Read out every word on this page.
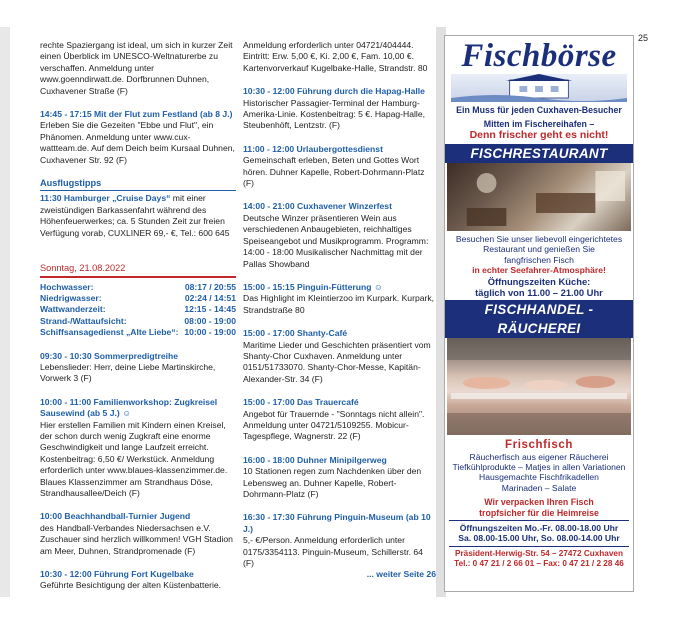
25

rechte Spaziergang ist ideal, um sich in kurzer Zeit einen Überblick im UNESCO-Weltnaturerbe zu verschaffen. Anmeldung unter www.goenndirwatt.de. Dorfbrunnen Duhnen, Cuxhavener Straße (F)

14:45 - 17:15 Mit der Flut zum Festland (ab 8 J.)

Erleben Sie die Gezeiten "Ebbe und Flut", ein Phänomen. Anmeldung unter www.cux-wattteam.de. Auf dem Deich beim Kursaal Duhnen, Cuxhavener Str. 92 (F)

Ausflugstipps

11:30 Hamburger „Cruise Days“ mit einer zweistündigen Barkassenfahrt während des Höhenfeuerwerkes; ca. 5 Stunden Zeit zur freien Verfügung vorab, CUXLINER 69,- €, Tel.: 600 645

Sonntag, 21.08.2022
Hochwasser:	08:17 / 20:55
Niedrigwasser:	02:24 / 14:51
Wattwanderzeit:	12:15 - 14:45
Strand-/Wattaufsicht:	08:00 - 19:00
Schiffsansagedienst „Alte Liebe“: 10:00 - 19:00

09:30 - 10:30 Sommerpredigtreihe

Lebenslieder: Herr, deine Liebe Martinskirche, Vorwerk 3 (F)

10:00 - 11:00 Familienworkshop: Zugkreisel Sausewind (ab 5 J.) ☺

Hier erstellen Familien mit Kindern einen Kreisel, der schon durch wenig Zugkraft eine enorme Geschwindigkeit und lange Laufzeit erreicht. Kostenbeitrag: 6,50 €/ Werkstück. Anmeldung erforderlich unter www.blaues-klassenzimmer.de. Blaues Klassenzimmer am Strandhaus Döse, Strandhausallee/Deich (F)

10:00 Beachhandball-Turnier Jugend

des Handball-Verbandes Niedersachsen e.V. Zuschauer sind herzlich willkommen! VGH Stadion am Meer, Duhnen, Strandpromenade (F)

10:30 - 12:00 Führung Fort Kugelbake

Geführte Besichtigung der alten Küstenbatterie.

Anmeldung erforderlich unter 04721/404444. Eintritt: Erw. 5,00 €, Ki. 2,00 €, Fam. 10,00 €. Kartenvorverkauf Kugelbake-Halle, Strandstr. 80

10:30 - 12:00 Führung durch die Hapag-Halle

Historischer Passagier-Terminal der Hamburg-Amerika-Linie. Kostenbeitrag: 5 €. Hapag-Halle, Steubenhöft, Lentzstr. (F)

11:00 - 12:00 Urlaubergottesdienst

Gemeinschaft erleben, Beten und Gottes Wort hören. Duhner Kapelle, Robert-Dohrmann-Platz (F)

14:00 - 21:00 Cuxhavener Winzerfest

Deutsche Winzer präsentieren Wein aus verschiedenen Anbaugebieten, reichhaltiges Speiseangebot und Musikprogramm. Programm: 14:00 - 18:00 Musikalischer Nachmittag mit der Pallas Showband

15:00 - 15:15 Pinguin-Fütterung ☺

Das Highlight im Kleintierzoo im Kurpark. Kurpark, Strandstraße 80

15:00 - 17:00 Shanty-Café

Maritime Lieder und Geschichten präsentiert vom Shanty-Chor Cuxhaven. Anmeldung unter 0151/51733070. Shanty-Chor-Messe, Kapitän-Alexander-Str. 34 (F)

15:00 - 17:00 Das Trauercafé

Angebot für Trauernde - "Sonntags nicht allein". Anmeldung unter 04721/5109255. Mobicur-Tagespflege, Wagnerstr. 22 (F)

16:00 - 18:00 Duhner Minipilgerweg

10 Stationen regen zum Nachdenken über den Lebensweg an. Duhner Kapelle, Robert-Dohrmann-Platz (F)

16:30 - 17:30 Führung Pinguin-Museum (ab 10 J.)

5,- €/Person. Anmeldung erforderlich unter 0175/3354113. Pinguin-Museum, Schillerstr. 64 (F)

... weiter Seite 26

Fischbörse
Ein Muss für jeden Cuxhaven-Besucher
Mitten im Fischereihafen –
Denn frischer geht es nicht!
FISCHRESTAURANT
Besuchen Sie unser liebevoll eingerichtetes
Restaurant und genießen Sie
fangfrischen Fisch
in echter Seefahrer-Atmosphäre!
Öffnungszeiten Küche:
täglich von 11.00 – 21.00 Uhr
FISCHHANDEL - RÄUCHEREI
Frischfisch
Räucherfisch aus eigener Räucherei
Tiefkühlprodukte – Matjes in allen Variationen
Hausgemachte Fischfrikadellen
Marinaden – Salate
Wir verpacken Ihren Fisch
tropfsicher für die Heimreise
Öffnungszeiten Mo.-Fr. 08.00-18.00 Uhr
Sa. 08.00-15.00 Uhr, So. 08.00-14.00 Uhr
Präsident-Herwig-Str. 54 – 27472 Cuxhaven
Tel.: 0 47 21 / 2 66 01 – Fax: 0 47 21 / 2 28 46
